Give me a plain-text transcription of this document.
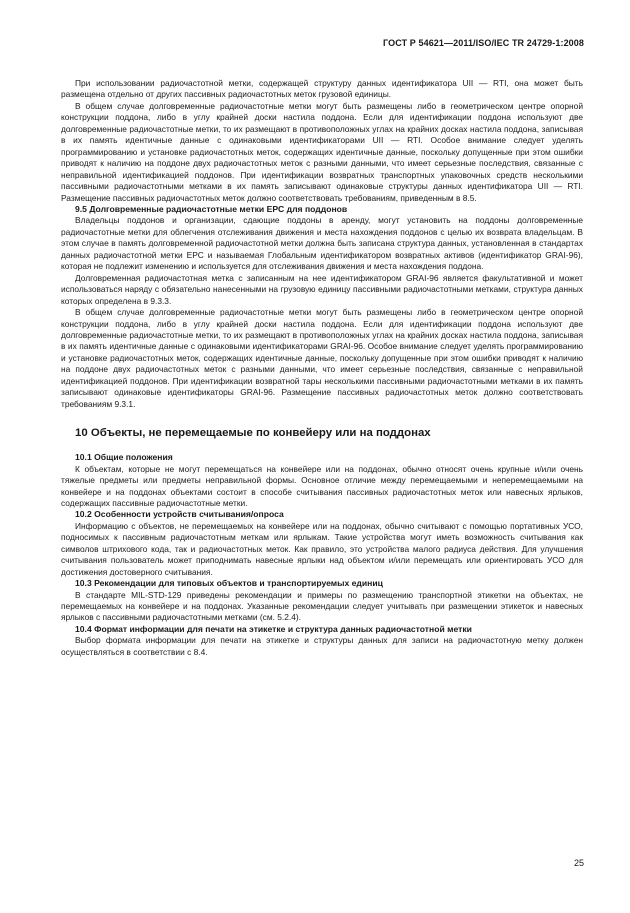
ГОСТ Р 54621—2011/ISO/IEC TR 24729-1:2008

При использовании радиочастотной метки, содержащей структуру данных идентификатора UII — RTI, она может быть размещена отдельно от других пассивных радиочастотных меток грузовой единицы.

В общем случае долговременные радиочастотные метки могут быть размещены либо в геометрическом центре опорной конструкции поддона, либо в углу крайней доски настила поддона. Если для идентификации поддона используют две долговременные радиочастотные метки, то их размещают в противоположных углах на крайних досках настила поддона, записывая в их память идентичные данные с одинаковыми идентификаторами UII — RTI. Особое внимание следует уделять программированию и установке радиочастотных меток, содержащих идентичные данные, поскольку допущенные при этом ошибки приводят к наличию на поддоне двух радиочастотных меток с разными данными, что имеет серьезные последствия, связанные с неправильной идентификацией поддонов. При идентификации возвратных транспортных упаковочных средств несколькими пассивными радиочастотными метками в их память записывают одинаковые структуры данных идентификатора UII — RTI. Размещение пассивных радиочастотных меток должно соответствовать требованиям, приведенным в 8.5.

9.5 Долговременные радиочастотные метки EPC для поддонов

Владельцы поддонов и организации, сдающие поддоны в аренду, могут установить на поддоны долговременные радиочастотные метки для облегчения отслеживания движения и места нахождения поддонов с целью их возврата владельцам. В этом случае в память долговременной радиочастотной метки должна быть записана структура данных, установленная в стандартах данных радиочастотной метки EPC и называемая Глобальным идентификатором возвратных активов (идентификатор GRAI-96), которая не подлежит изменению и используется для отслеживания движения и места нахождения поддона.

Долговременная радиочастотная метка с записанным на нее идентификатором GRAI-96 является факультативной и может использоваться наряду с обязательно нанесенными на грузовую единицу пассивными радиочастотными метками, структура данных которых определена в 9.3.3.

В общем случае долговременные радиочастотные метки могут быть размещены либо в геометрическом центре опорной конструкции поддона, либо в углу крайней доски настила поддона. Если для идентификации поддона используют две долговременные радиочастотные метки, то их размещают в противоположных углах на крайних досках настила поддона, записывая в их память идентичные данные с одинаковыми идентификаторами GRAI-96. Особое внимание следует уделять программированию и установке радиочастотных меток, содержащих идентичные данные, поскольку допущенные при этом ошибки приводят к наличию на поддоне двух радиочастотных меток с разными данными, что имеет серьезные последствия, связанные с неправильной идентификацией поддонов. При идентификации возвратной тары несколькими пассивными радиочастотными метками в их память записывают одинаковые идентификаторы GRAI-96. Размещение пассивных радиочастотных меток должно соответствовать требованиям 9.3.1.

10 Объекты, не перемещаемые по конвейеру или на поддонах
10.1 Общие положения

К объектам, которые не могут перемещаться на конвейере или на поддонах, обычно относят очень крупные и/или очень тяжелые предметы или предметы неправильной формы. Основное отличие между перемещаемыми и неперемещаемыми на конвейере и на поддонах объектами состоит в способе считывания пассивных радиочастотных меток или навесных ярлыков, содержащих пассивные радиочастотные метки.

10.2 Особенности устройств считывания/опроса

Информацию с объектов, не перемещаемых на конвейере или на поддонах, обычно считывают с помощью портативных УСО, подносимых к пассивным радиочастотным меткам или ярлыкам. Такие устройства могут иметь возможность считывания как символов штрихового кода, так и радиочастотных меток. Как правило, это устройства малого радиуса действия. Для улучшения считывания пользователь может приподнимать навесные ярлыки над объектом и/или перемещать или ориентировать УСО для достижения достоверного считывания.

10.3 Рекомендации для типовых объектов и транспортируемых единиц

В стандарте MIL-STD-129 приведены рекомендации и примеры по размещению транспортной этикетки на объектах, не перемещаемых на конвейере и на поддонах. Указанные рекомендации следует учитывать при размещении этикеток и навесных ярлыков с пассивными радиочастотными метками (см. 5.2.4).

10.4 Формат информации для печати на этикетке и структура данных радиочастотной метки

Выбор формата информации для печати на этикетке и структуры данных для записи на радиочастотную метку должен осуществляться в соответствии с 8.4.

25
